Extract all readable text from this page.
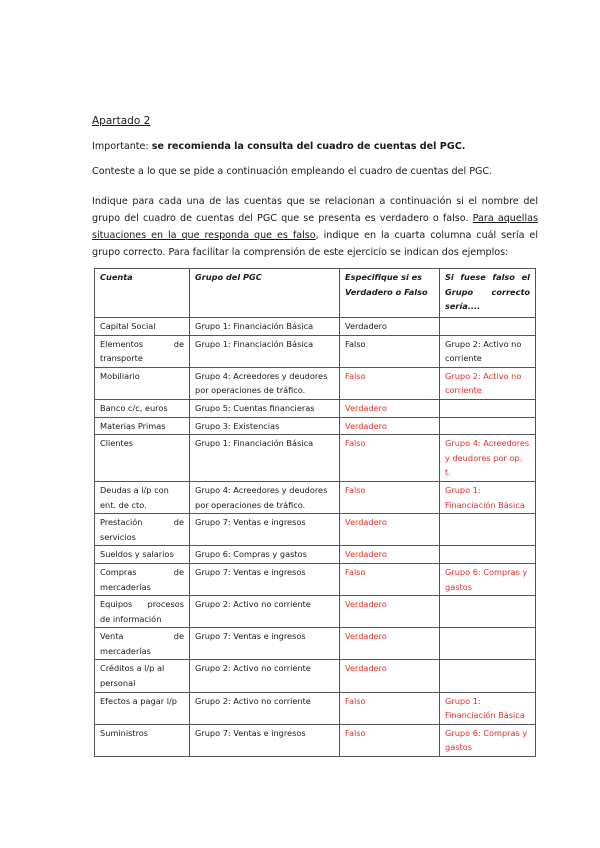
Apartado 2
Importante: se recomienda la consulta del cuadro de cuentas del PGC.
Conteste a lo que se pide a continuación empleando el cuadro de cuentas del PGC.
Indique para cada una de las cuentas que se relacionan a continuación si el nombre del grupo del cuadro de cuentas del PGC que se presenta es verdadero o falso. Para aquellas situaciones en la que responda que es falso, indique en la cuarta columna cuál sería el grupo correcto. Para facilitar la comprensión de este ejercicio se indican dos ejemplos:
Cuenta	Grupo del PGC	Especifique si es Verdadero o Falso	Si fuese falso el Grupo correcto sería....
Capital Social	Grupo 1: Financiación Básica	Verdadero	
Elementos de transporte	Grupo 1: Financiación Básica	Falso	Grupo 2: Activo no corriente
Mobiliario	Grupo 4: Acreedores y deudores por operaciones de tráfico.	Falso	Grupo 2: Activo no corriente
Banco c/c, euros	Grupo 5: Cuentas financieras	Verdadero	
Materias Primas	Grupo 3: Existencias	Verdadero	
Clientes	Grupo 1: Financiación Básica	Falso	Grupo 4: Acreedores y deudores por op. t.
Deudas a l/p con ent. de cto.	Grupo 4: Acreedores y deudores por operaciones de tráfico.	Falso	Grupo 1: Financiación Básica
Prestación de servicios	Grupo 7: Ventas e ingresos	Verdadero	
Sueldos y salarios	Grupo 6: Compras y gastos	Verdadero	
Compras de mercaderías	Grupo 7: Ventas e ingresos	Falso	Grupo 6: Compras y gastos
Equipos procesos de información	Grupo 2: Activo no corriente	Verdadero	
Venta de mercaderías	Grupo 7: Ventas e ingresos	Verdadero	
Créditos a l/p al personal	Grupo 2: Activo no corriente	Verdadero	
Efectos a pagar l/p	Grupo 2: Activo no corriente	Falso	Grupo 1: Financiación Básica
Suministros	Grupo 7: Ventas e ingresos	Falso	Grupo 6: Compras y gastos
